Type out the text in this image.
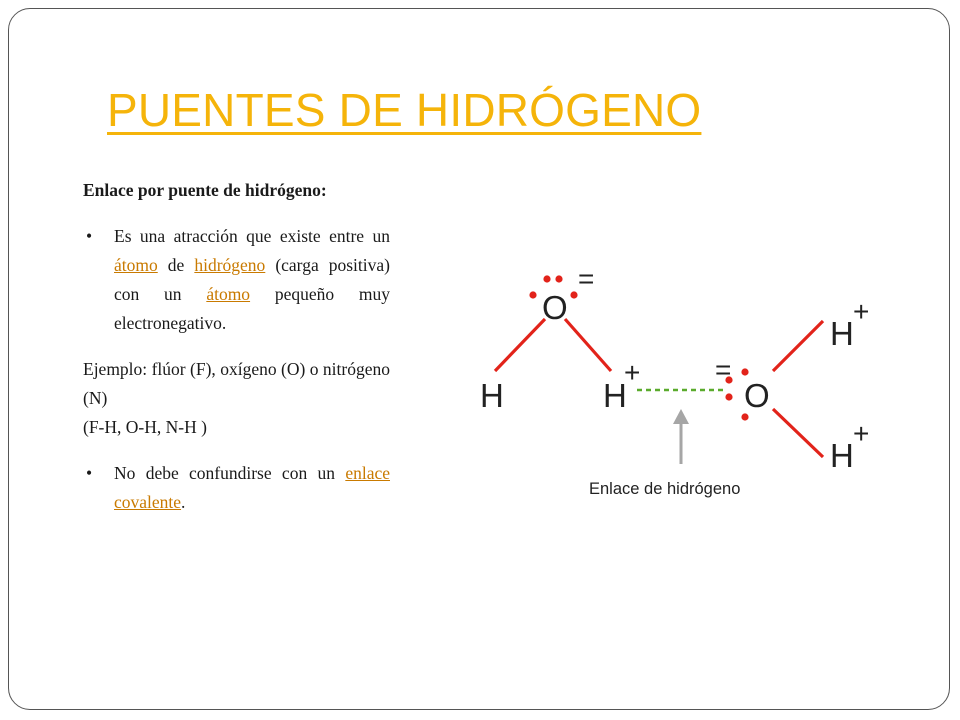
PUENTES DE HIDRÓGENO

Enlace por puente de hidrógeno:

• Es una atracción que existe entre un átomo de hidrógeno (carga positiva) con un átomo pequeño muy electronegativo.

Ejemplo: flúor (F), oxígeno (O) o nitrógeno (N)

(F-H, O-H, N-H )

• No debe confundirse con un enlace covalente.

O
=
H	H
+
O
=
H
+
H
+
Enlace de hidrógeno
